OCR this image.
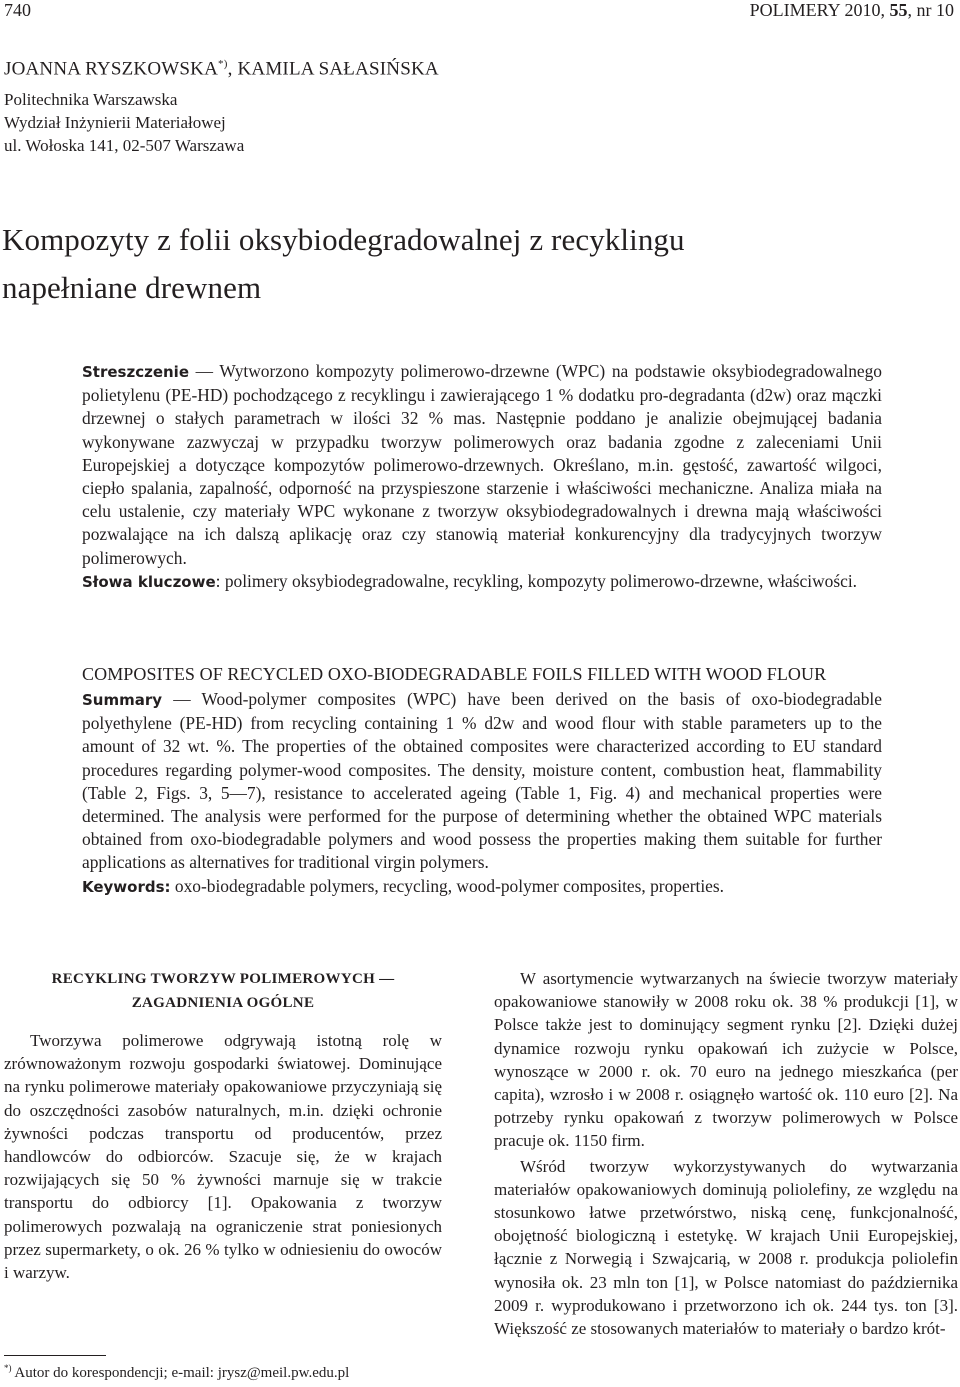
740	POLIMERY 2010, 55, nr 10
JOANNA RYSZKOWSKA*), KAMILA SAŁASIŃSKA
Politechnika Warszawska
Wydział Inżynierii Materiałowej
ul. Wołoska 141, 02-507 Warszawa
Kompozyty z folii oksybiodegradowalnej z recyklingu
napełniane drewnem

Streszczenie — Wytworzono kompozyty polimerowo-drzewne (WPC) na podstawie oksybiodegradowalnego polietylenu (PE-HD) pochodzącego z recyklingu i zawierającego 1 % dodatku pro-degradanta (d2w) oraz mączki drzewnej o stałych parametrach w ilości 32 % mas. Następnie poddano je analizie obejmującej badania wykonywane zazwyczaj w przypadku tworzyw polimerowych oraz badania zgodne z zaleceniami Unii Europejskiej a dotyczące kompozytów polimerowo-drzewnych. Określano, m.in. gęstość, zawartość wilgoci, ciepło spalania, zapalność, odporność na przyspieszone starzenie i właściwości mechaniczne. Analiza miała na celu ustalenie, czy materiały WPC wykonane z tworzyw oksybiodegradowalnych i drewna mają właściwości pozwalające na ich dalszą aplikację oraz czy stanowią materiał konkurencyjny dla tradycyjnych tworzyw polimerowych.

Słowa kluczowe: polimery oksybiodegradowalne, recykling, kompozyty polimerowo-drzewne, właściwości.

COMPOSITES OF RECYCLED OXO-BIODEGRADABLE FOILS FILLED WITH WOOD FLOUR

Summary — Wood-polymer composites (WPC) have been derived on the basis of oxo-biodegradable polyethylene (PE-HD) from recycling containing 1 % d2w and wood flour with stable parameters up to the amount of 32 wt. %. The properties of the obtained composites were characterized according to EU standard procedures regarding polymer-wood composites. The density, moisture content, combustion heat, flammability (Table 2, Figs. 3, 5—7), resistance to accelerated ageing (Table 1, Fig. 4) and mechanical properties were determined. The analysis were performed for the purpose of determining whether the obtained WPC materials obtained from oxo-biodegradable polymers and wood possess the properties making them suitable for further applications as alternatives for traditional virgin polymers.

Keywords: oxo-biodegradable polymers, recycling, wood-polymer composites, properties.

RECYKLING TWORZYW POLIMEROWYCH —
ZAGADNIENIA OGÓLNE

Tworzywa polimerowe odgrywają istotną rolę w zrównoważonym rozwoju gospodarki światowej. Dominujące na rynku polimerowe materiały opakowaniowe przyczyniają się do oszczędności zasobów naturalnych, m.in. dzięki ochronie żywności podczas transportu od producentów, przez handlowców do odbiorców. Szacuje się, że w krajach rozwijających się 50 % żywności marnuje się w trakcie transportu do odbiorcy [1]. Opakowania z tworzyw polimerowych pozwalają na ograniczenie strat poniesionych przez supermarkety, o ok. 26 % tylko w odniesieniu do owoców i warzyw.

W asortymencie wytwarzanych na świecie tworzyw materiały opakowaniowe stanowiły w 2008 roku ok. 38 % produkcji [1], w Polsce także jest to dominujący segment rynku [2]. Dzięki dużej dynamice rozwoju rynku opakowań ich zużycie w Polsce, wynoszące w 2000 r. ok. 70 euro na jednego mieszkańca (per capita), wzrosło i w 2008 r. osiągnęło wartość ok. 110 euro [2]. Na potrzeby rynku opakowań z tworzyw polimerowych w Polsce pracuje ok. 1150 firm.

Wśród tworzyw wykorzystywanych do wytwarzania materiałów opakowaniowych dominują poliolefiny, ze względu na stosunkowo łatwe przetwórstwo, niską cenę, funkcjonalność, obojętność biologiczną i estetykę. W krajach Unii Europejskiej, łącznie z Norwegią i Szwajcarią, w 2008 r. produkcja poliolefin wynosiła ok. 23 mln ton [1], w Polsce natomiast do października 2009 r. wyprodukowano i przetworzono ich ok. 244 tys. ton [3]. Większość ze stosowanych materiałów to materiały o bardzo krót-

*) Autor do korespondencji; e-mail: jrysz@meil.pw.edu.pl
